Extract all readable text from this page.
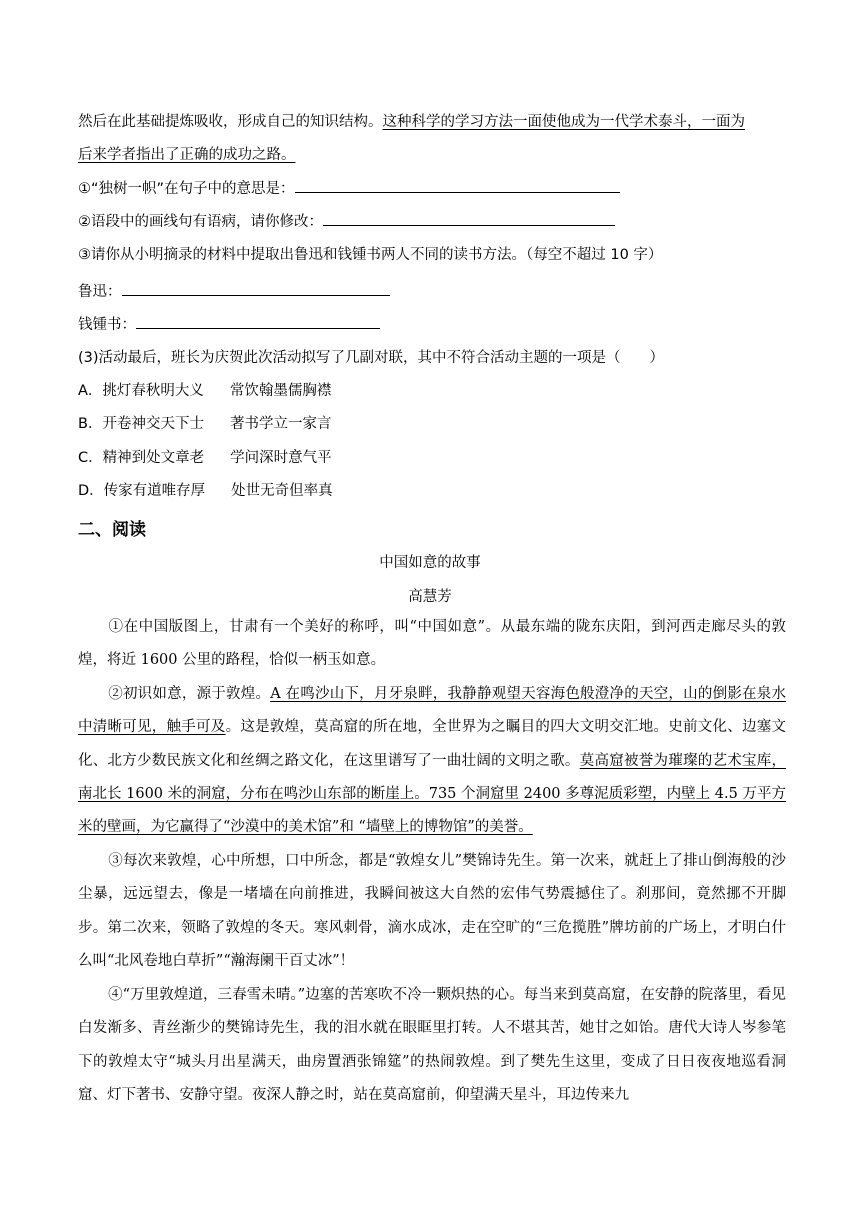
然后在此基础提炼吸收，形成自己的知识结构。这种科学的学习方法一面使他成为一代学术泰斗，一面为
后来学者指出了正确的成功之路。
①“独树一帜”在句子中的意思是：
②语段中的画线句有语病，请你修改：
③请你从小明摘录的材料中提取出鲁迅和钱锺书两人不同的读书方法。（每空不超过 10 字）
鲁迅：
钱锺书：
(3)活动最后，班长为庆贺此次活动拟写了几副对联，其中不符合活动主题的一项是（　　）
A．挑灯春秋明大义 常饮翰墨儒胸襟
B．开卷神交天下士 著书学立一家言
C．精神到处文章老 学问深时意气平
D．传家有道唯存厚 处世无奇但率真
二、阅读
中国如意的故事
高慧芳
①在中国版图上，甘肃有一个美好的称呼，叫“中国如意”。从最东端的陇东庆阳，到河西走廊尽头的敦煌，将近 1600 公里的路程，恰似一柄玉如意。
②初识如意，源于敦煌。A 在鸣沙山下，月牙泉畔，我静静观望天容海色般澄净的天空，山的倒影在泉水中清晰可见，触手可及。这是敦煌，莫高窟的所在地，全世界为之瞩目的四大文明交汇地。史前文化、边塞文化、北方少数民族文化和丝绸之路文化，在这里谱写了一曲壮阔的文明之歌。莫高窟被誉为璀璨的艺术宝库，南北长 1600 米的洞窟，分布在鸣沙山东部的断崖上。735 个洞窟里 2400 多尊泥质彩塑，内壁上 4.5 万平方米的壁画，为它赢得了“沙漠中的美术馆”和 “墙壁上的博物馆”的美誉。
③每次来敦煌，心中所想，口中所念，都是“敦煌女儿”樊锦诗先生。第一次来，就赶上了排山倒海般的沙尘暴，远远望去，像是一堵墙在向前推进，我瞬间被这大自然的宏伟气势震撼住了。刹那间，竟然挪不开脚步。第二次来，领略了敦煌的冬天。寒风刺骨，滴水成冰，走在空旷的“三危揽胜”牌坊前的广场上，才明白什么叫“北风卷地白草折”“瀚海阑干百丈冰”！
④“万里敦煌道，三春雪未晴。”边塞的苦寒吹不冷一颗炽热的心。每当来到莫高窟，在安静的院落里，看见白发渐多、青丝渐少的樊锦诗先生，我的泪水就在眼眶里打转。人不堪其苦，她甘之如饴。唐代大诗人岑参笔下的敦煌太守“城头月出星满天，曲房置酒张锦筵”的热闹敦煌。到了樊先生这里，变成了日日夜夜地巡看洞窟、灯下著书、安静守望。夜深人静之时，站在莫高窟前，仰望满天星斗，耳边传来九
